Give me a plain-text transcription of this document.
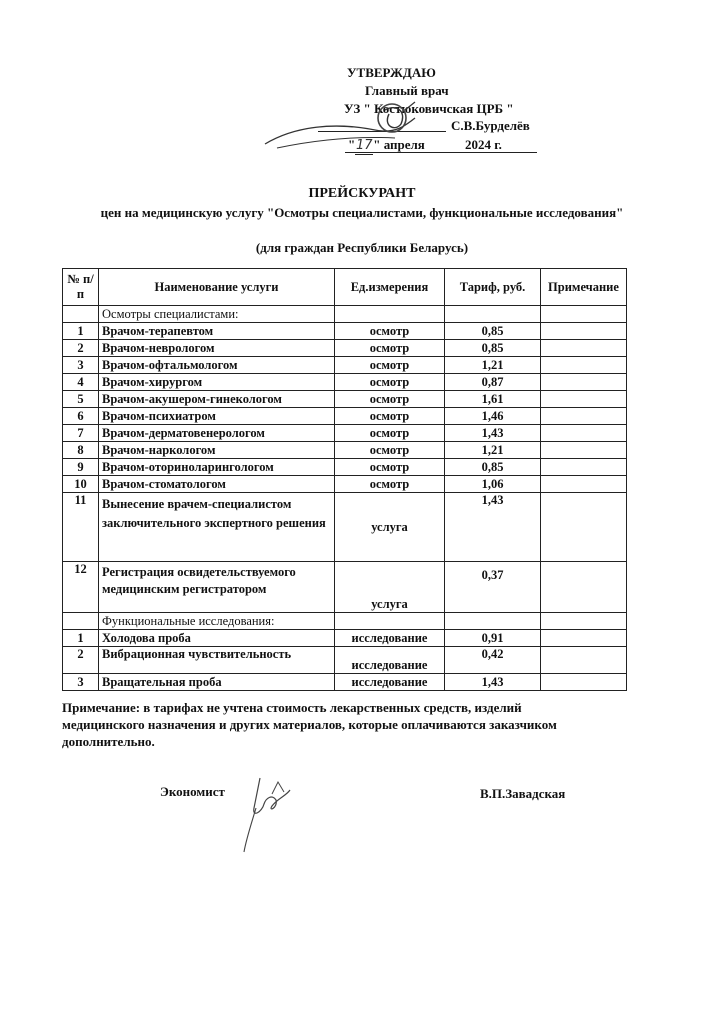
УТВЕРЖДАЮ
Главный врач
УЗ " Костюковичская ЦРБ "
С.В.Бурделёв
"17" апреля	2024 г.
ПРЕЙСКУРАНТ
цен на медицинскую услугу "Осмотры специалистами, функциональные исследования"
(для граждан Республики Беларусь)
№ п/п	Наименование услуги	Ед.измерения	Тариф, руб.	Примечание
	Осмотры специалистами:			
1	Врачом-терапевтом	осмотр	0,85	
2	Врачом-неврологом	осмотр	0,85	
3	Врачом-офтальмологом	осмотр	1,21	
4	Врачом-хирургом	осмотр	0,87	
5	Врачом-акушером-гинекологом	осмотр	1,61	
6	Врачом-психиатром	осмотр	1,46	
7	Врачом-дерматовенерологом	осмотр	1,43	
8	Врачом-наркологом	осмотр	1,21	
9	Врачом-оториноларингологом	осмотр	0,85	
10	Врачом-стоматологом	осмотр	1,06	
11	Вынесение врачем-специалистом заключительного экспертного решения	услуга	1,43	
12	Регистрация освидетельствуемого медицинским регистратором	услуга	0,37	
	Функциональные исследования:			
1	Холодова проба	исследование	0,91	
2	Вибрационная чувствительность	исследование	0,42	
3	Вращательная проба	исследование	1,43	
Примечание: в тарифах не учтена стоимость лекарственных средств, изделий медицинского назначения и других материалов, которые оплачиваются заказчиком дополнительно.
Экономист	В.П.Завадская
